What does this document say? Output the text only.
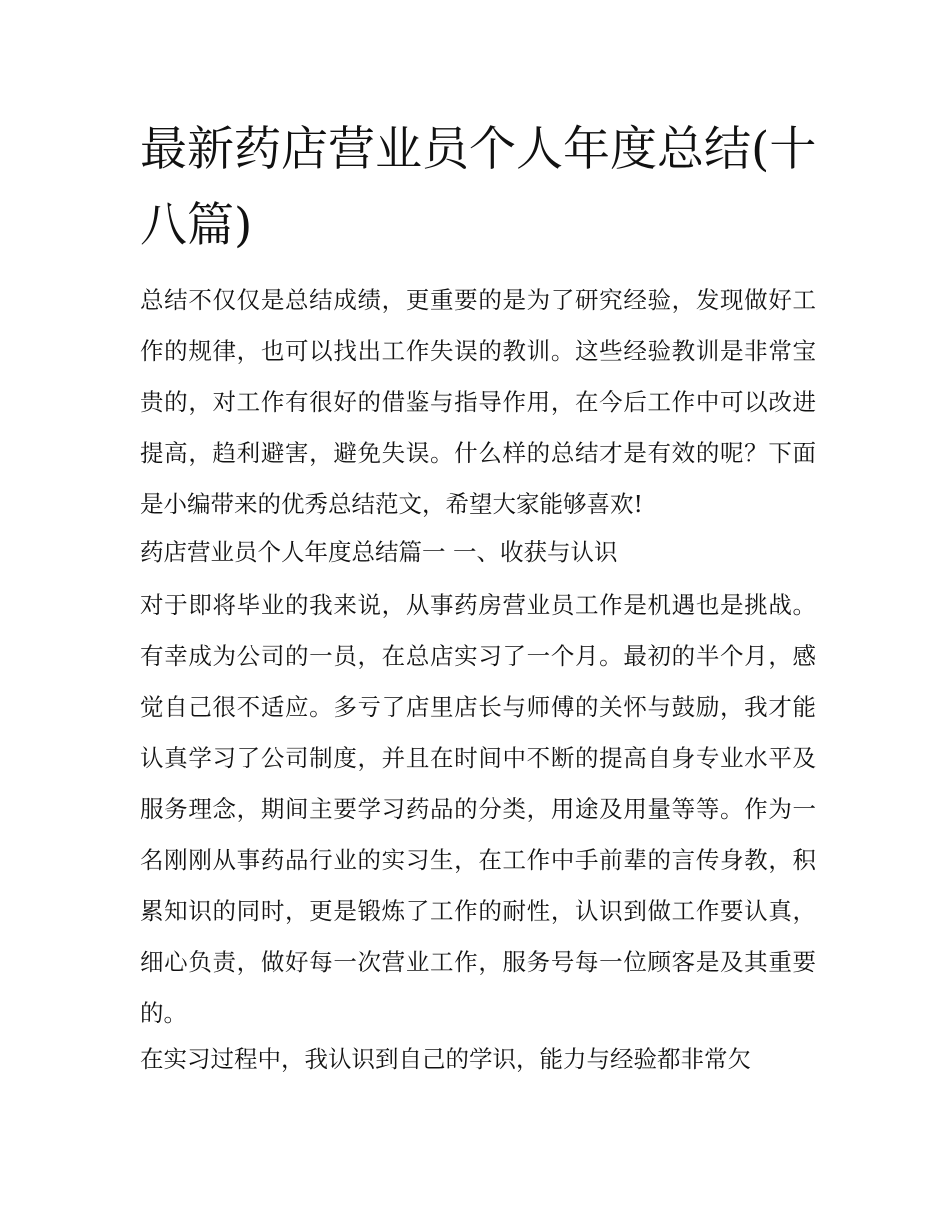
最新药店营业员个人年度总结(十八篇)

总结不仅仅是总结成绩，更重要的是为了研究经验，发现做好工作的规律，也可以找出工作失误的教训。这些经验教训是非常宝贵的，对工作有很好的借鉴与指导作用，在今后工作中可以改进提高，趋利避害，避免失误。什么样的总结才是有效的呢？下面是小编带来的优秀总结范文，希望大家能够喜欢!

药店营业员个人年度总结篇一 一、收获与认识

对于即将毕业的我来说，从事药房营业员工作是机遇也是挑战。有幸成为公司的一员，在总店实习了一个月。最初的半个月，感觉自己很不适应。多亏了店里店长与师傅的关怀与鼓励，我才能认真学习了公司制度，并且在时间中不断的提高自身专业水平及服务理念，期间主要学习药品的分类，用途及用量等等。作为一名刚刚从事药品行业的实习生，在工作中手前辈的言传身教，积累知识的同时，更是锻炼了工作的耐性，认识到做工作要认真，细心负责，做好每一次营业工作，服务号每一位顾客是及其重要的。

在实习过程中，我认识到自己的学识，能力与经验都非常欠
